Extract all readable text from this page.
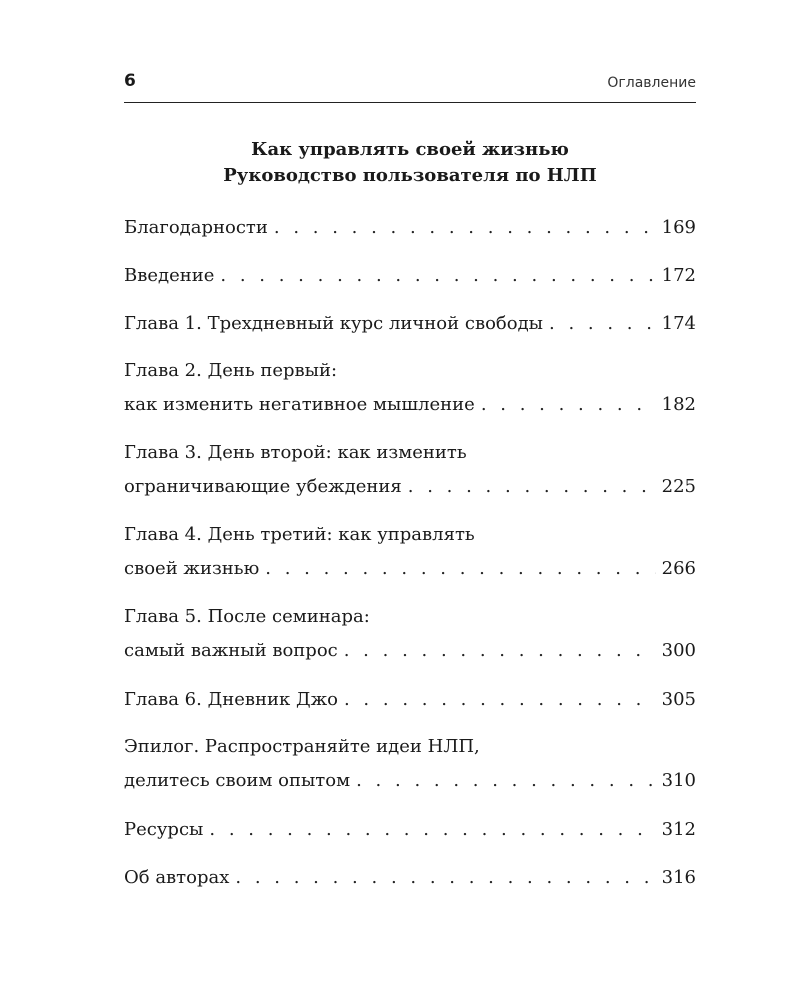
6	Оглавление
Как управлять своей жизнью
Руководство пользователя по НЛП
Благодарности . . .	169
Введение . . .	172
Глава 1. Трехдневный курс личной свободы . . .	174
Глава 2. День первый:
как изменить негативное мышление . . .	182
Глава 3. День второй: как изменить
ограничивающие убеждения . . .	225
Глава 4. День третий: как управлять
своей жизнью . . .	266
Глава 5. После семинара:
самый важный вопрос . . .	300
Глава 6. Дневник Джо . . .	305
Эпилог. Распространяйте идеи НЛП,
делитесь своим опытом . . .	310
Ресурсы . . .	312
Об авторах . . .	316
